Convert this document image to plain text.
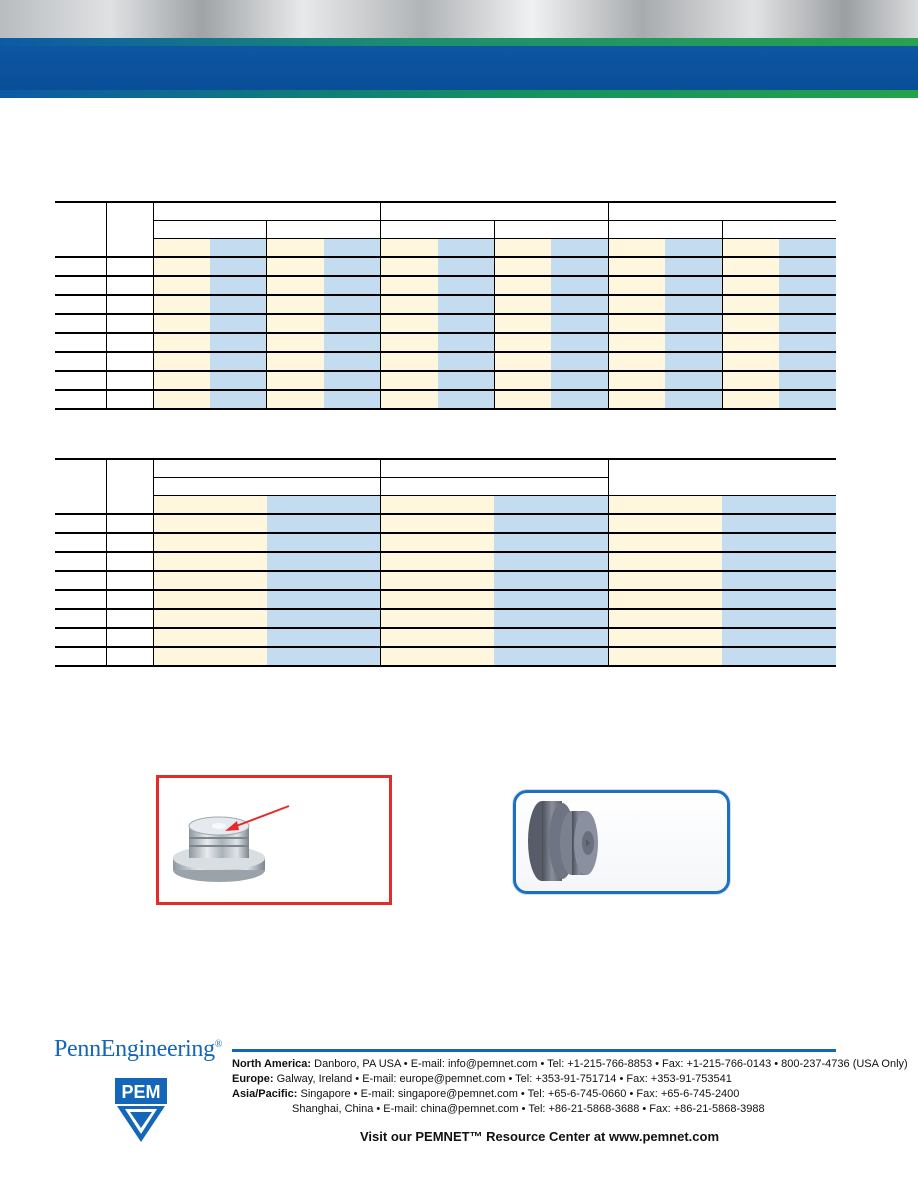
PennEngineering®
North America: Danboro, PA USA • E-mail: info@pemnet.com • Tel: +1-215-766-8853 • Fax: +1-215-766-0143 • 800-237-4736 (USA Only)
Europe: Galway, Ireland • E-mail: europe@pemnet.com • Tel: +353-91-751714 • Fax: +353-91-753541
Asia/Pacific: Singapore • E-mail: singapore@pemnet.com • Tel: +65-6-745-0660 • Fax: +65-6-745-2400
Shanghai, China • E-mail: china@pemnet.com • Tel: +86-21-5868-3688 • Fax: +86-21-5868-3988
PEM
Visit our PEMNET™ Resource Center at www.pemnet.com
